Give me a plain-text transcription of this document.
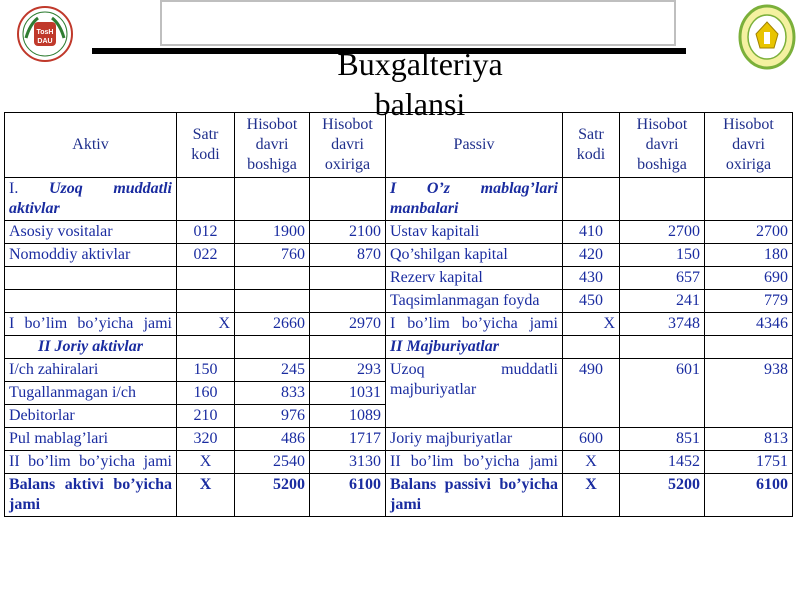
TosH
DAU
Buxgalteriya
balansi
Aktiv	Satr kodi	Hisobot davri boshiga	Hisobot davri oxiriga	Passiv	Satr kodi	Hisobot davri boshiga	Hisobot davri oxiriga
I. Uzoq muddatli aktivlar				I O’z mablag’lari manbalari			
Asosiy vositalar	012	1900	2100	Ustav kapitali	410	2700	2700
Nomoddiy aktivlar	022	760	870	Qo’shilgan kapital	420	150	180
				Rezerv kapital	430	657	690
				Taqsimlanmagan foyda	450	241	779
I bo’lim bo’yicha jami	X	2660	2970	I bo’lim bo’yicha jami	X	3748	4346
II Joriy aktivlar				II Majburiyatlar			
I/ch zahiralari	150	245	293	Uzoq muddatli majburiyatlar	490	601	938
Tugallanmagan i/ch	160	833	1031				
Debitorlar	210	976	1089				
Pul mablag’lari	320	486	1717	Joriy majburiyatlar	600	851	813
II bo’lim bo’yicha jami	X	2540	3130	II bo’lim bo’yicha jami	X	1452	1751
Balans aktivi bo’yicha jami	X	5200	6100	Balans passivi bo’yicha jami	X	5200	6100
